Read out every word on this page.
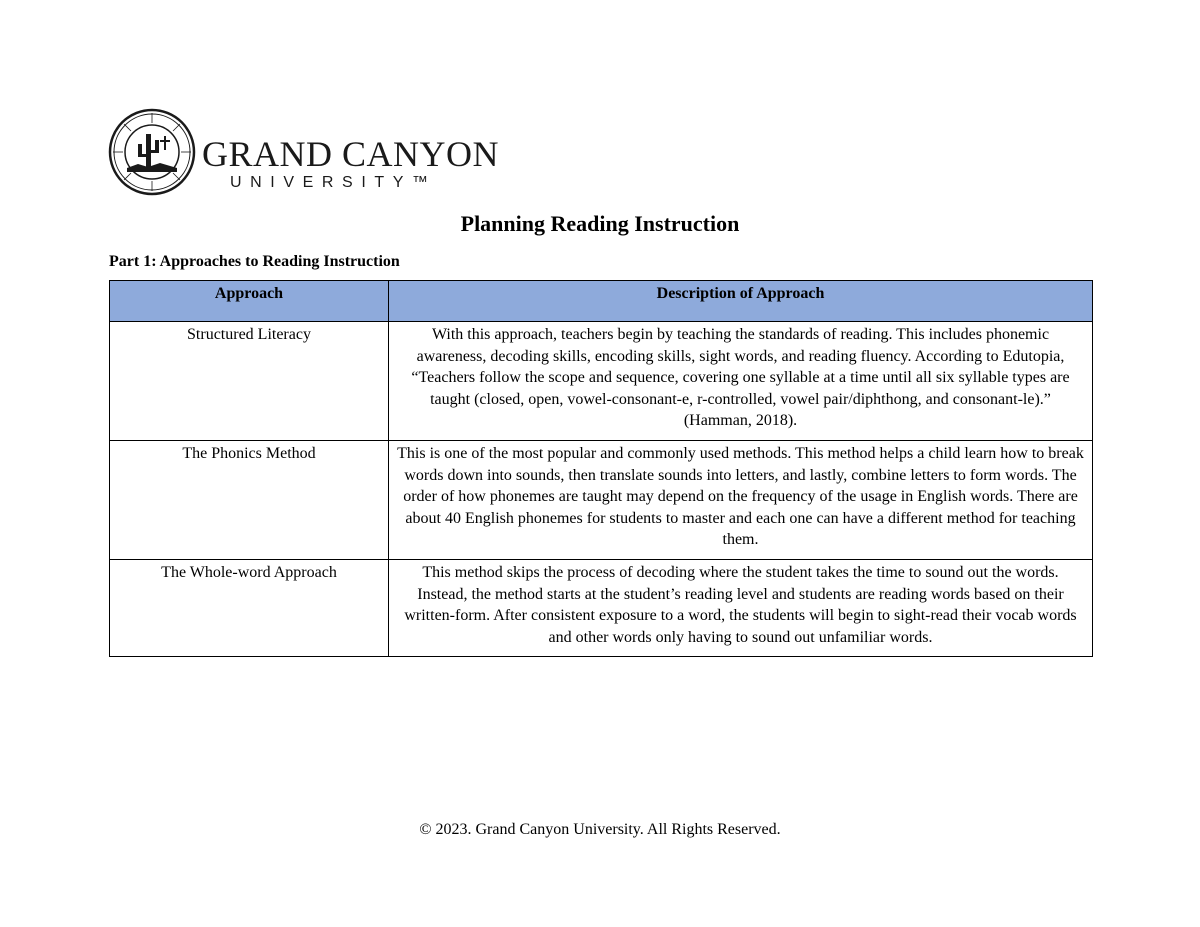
GRAND CANYON
UNIVERSITY™
Planning Reading Instruction
Part 1: Approaches to Reading Instruction
Approach	Description of Approach
Structured Literacy	With this approach, teachers begin by teaching the standards of reading. This includes phonemic awareness, decoding skills, encoding skills, sight words, and reading fluency. According to Edutopia, “Teachers follow the scope and sequence, covering one syllable at a time until all six syllable types are taught (closed, open, vowel-consonant-e, r-controlled, vowel pair/diphthong, and consonant-le).” (Hamman, 2018).
The Phonics Method	This is one of the most popular and commonly used methods. This method helps a child learn how to break words down into sounds, then translate sounds into letters, and lastly, combine letters to form words. The order of how phonemes are taught may depend on the frequency of the usage in English words. There are about 40 English phonemes for students to master and each one can have a different method for teaching them.
The Whole-word Approach	This method skips the process of decoding where the student takes the time to sound out the words. Instead, the method starts at the student’s reading level and students are reading words based on their written-form. After consistent exposure to a word, the students will begin to sight-read their vocab words and other words only having to sound out unfamiliar words.
© 2023. Grand Canyon University. All Rights Reserved.
